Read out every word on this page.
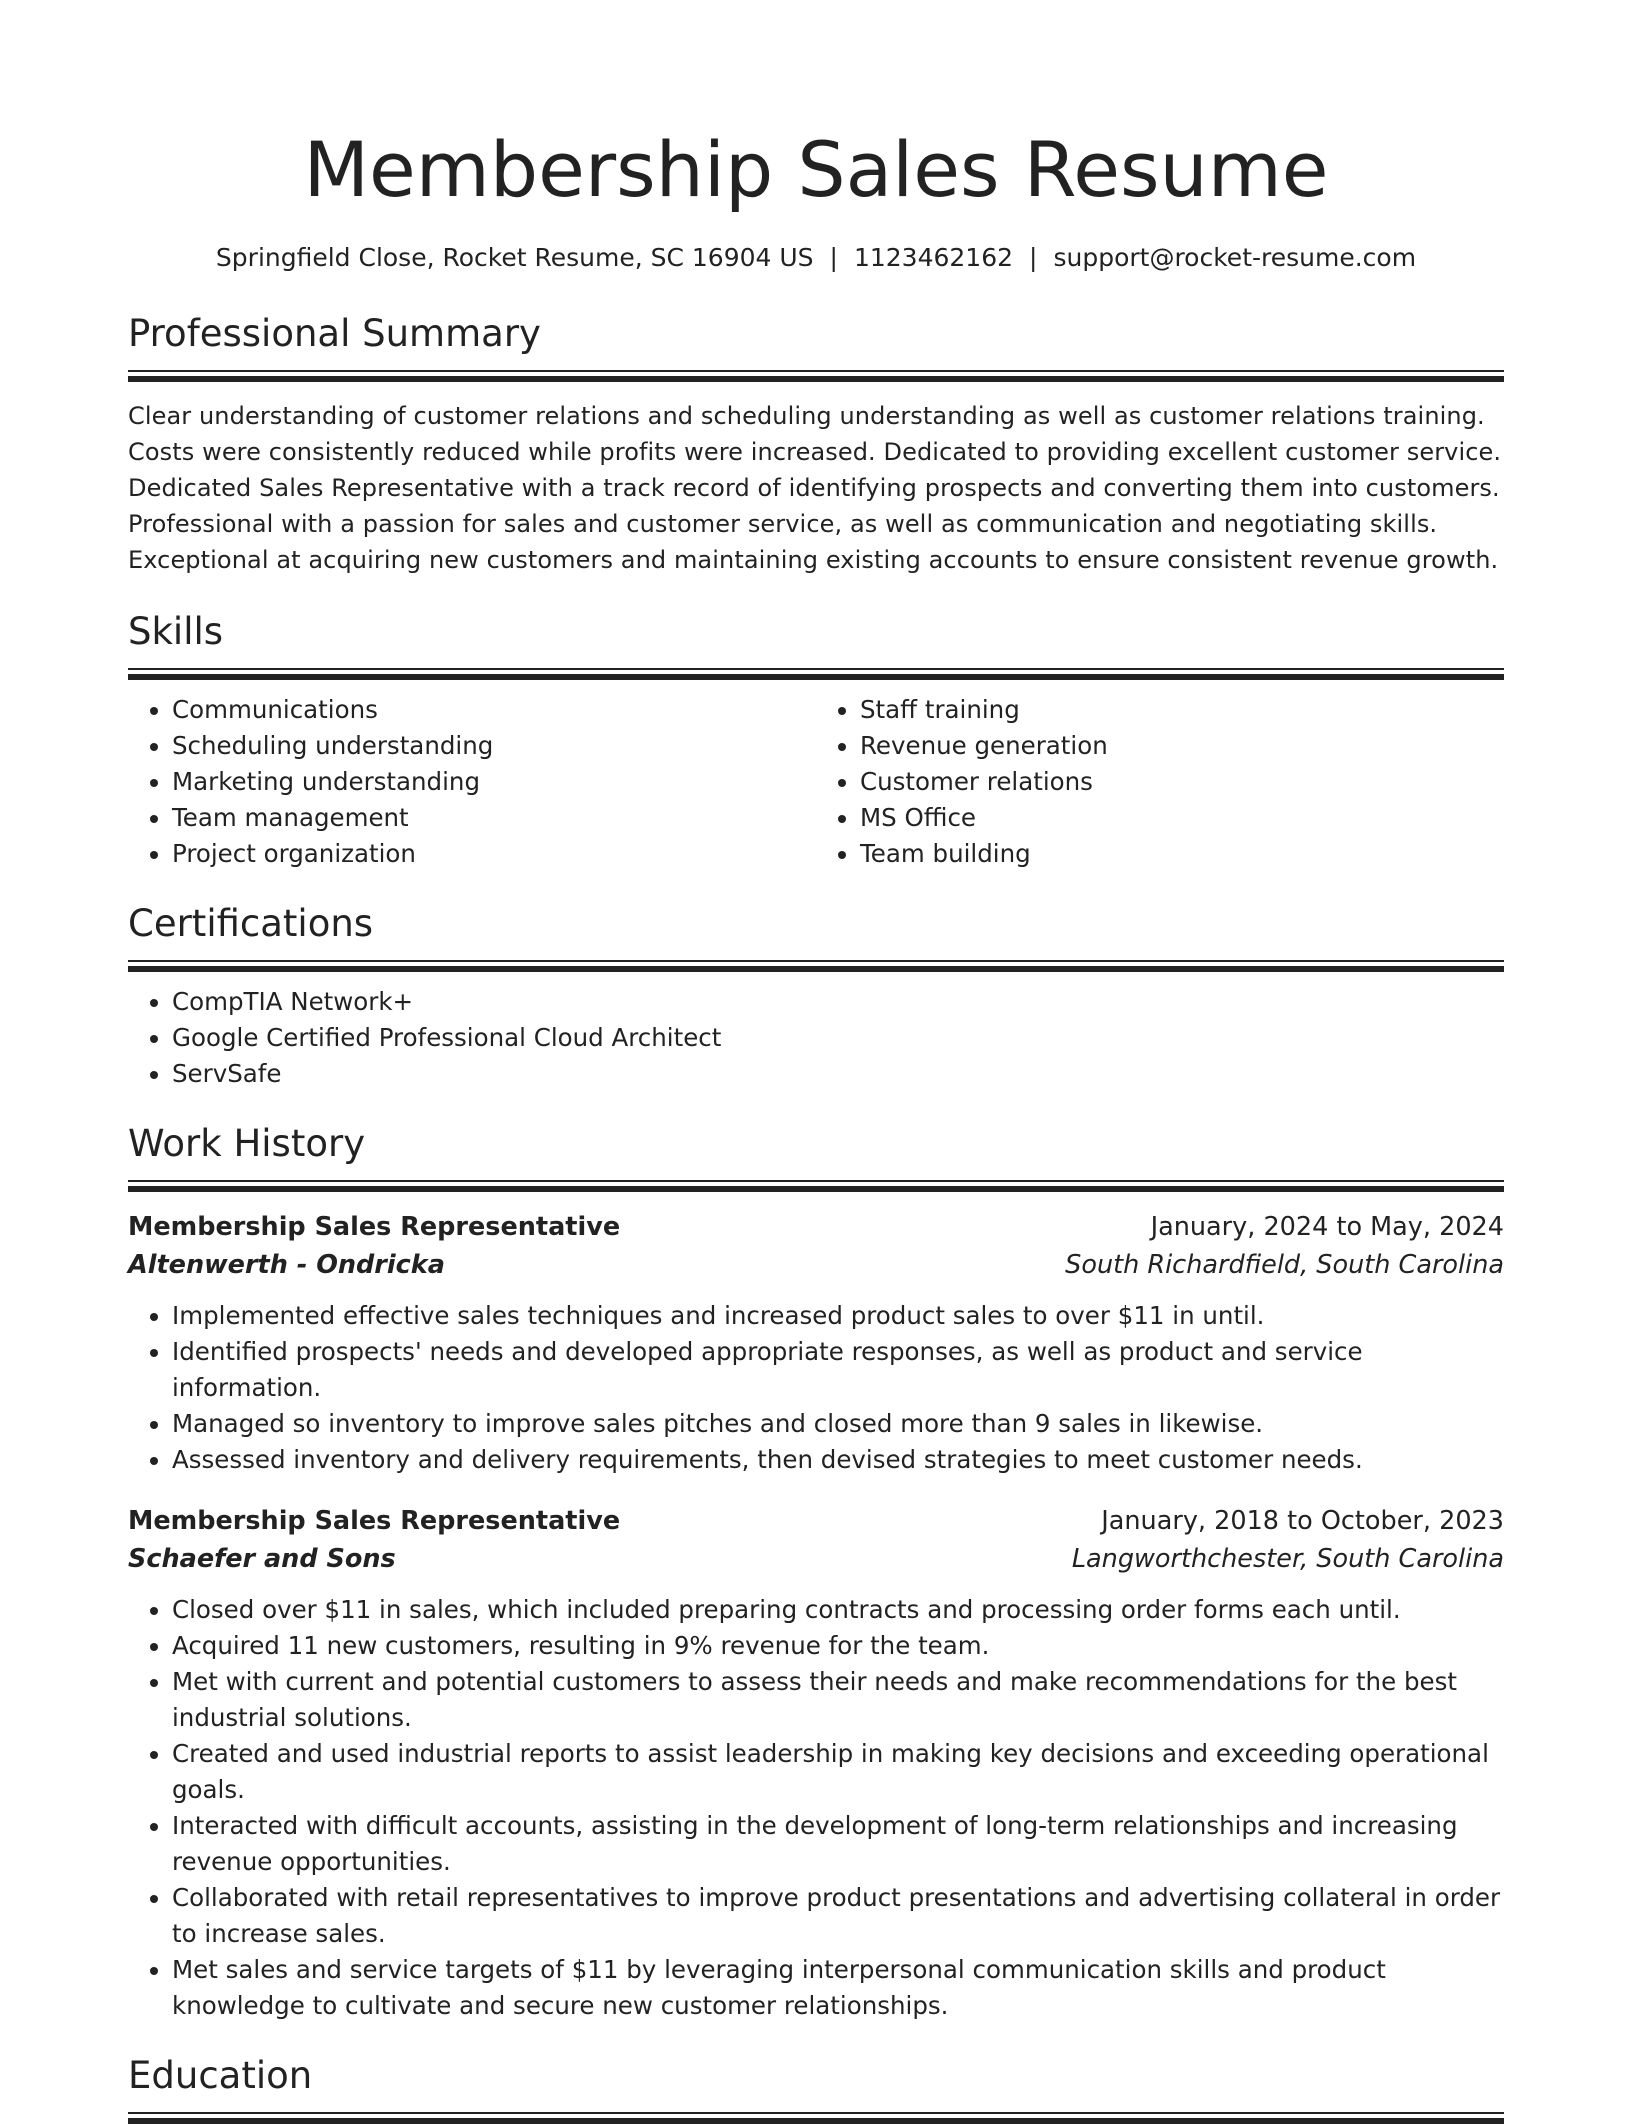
Membership Sales Resume
Springfield Close, Rocket Resume, SC 16904 US | 1123462162 | support@rocket-resume.com
Professional Summary

Clear understanding of customer relations and scheduling understanding as well as customer relations training. Costs were consistently reduced while profits were increased. Dedicated to providing excellent customer service. Dedicated Sales Representative with a track record of identifying prospects and converting them into customers. Professional with a passion for sales and customer service, as well as communication and negotiating skills. Exceptional at acquiring new customers and maintaining existing accounts to ensure consistent revenue growth.

Skills
• Communications
• Scheduling understanding
• Marketing understanding
• Team management
• Project organization
• Staff training
• Revenue generation
• Customer relations
• MS Office
• Team building
Certifications
• CompTIA Network+
• Google Certified Professional Cloud Architect
• ServSafe
Work History
Membership Sales Representative	January, 2024 to May, 2024
Altenwerth - Ondricka	South Richardfield, South Carolina
• Implemented effective sales techniques and increased product sales to over $11 in until.
• Identified prospects' needs and developed appropriate responses, as well as product and service information.
• Managed so inventory to improve sales pitches and closed more than 9 sales in likewise.
• Assessed inventory and delivery requirements, then devised strategies to meet customer needs.
Membership Sales Representative	January, 2018 to October, 2023
Schaefer and Sons	Langworthchester, South Carolina
• Closed over $11 in sales, which included preparing contracts and processing order forms each until.
• Acquired 11 new customers, resulting in 9% revenue for the team.
• Met with current and potential customers to assess their needs and make recommendations for the best industrial solutions.
• Created and used industrial reports to assist leadership in making key decisions and exceeding operational goals.
• Interacted with difficult accounts, assisting in the development of long-term relationships and increasing revenue opportunities.
• Collaborated with retail representatives to improve product presentations and advertising collateral in order to increase sales.
• Met sales and service targets of $11 by leveraging interpersonal communication skills and product knowledge to cultivate and secure new customer relationships.
Education
